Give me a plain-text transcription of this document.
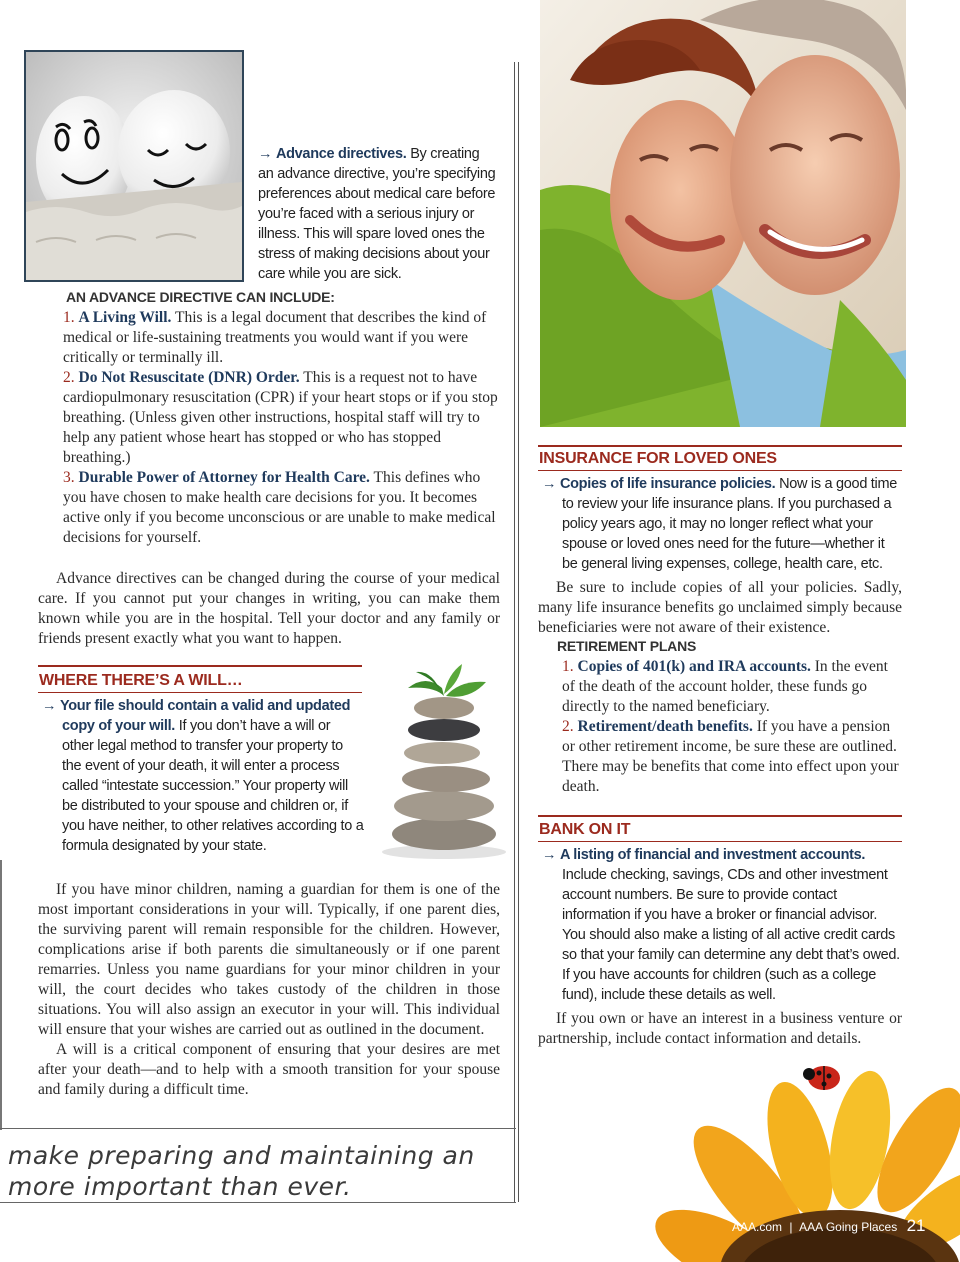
→ Advance directives. By creating an advance directive, you’re specifying preferences about medical care before you’re faced with a serious injury or illness. This will spare loved ones the stress of making decisions about your care while you are sick.
AN ADVANCE DIRECTIVE CAN INCLUDE:

1. A Living Will. This is a legal document that describes the kind of medical or life-sustaining treatments you would want if you were critically or terminally ill.

2. Do Not Resuscitate (DNR) Order. This is a request not to have cardiopulmonary resuscitation (CPR) if your heart stops or if you stop breathing. (Unless given other instructions, hospital staff will try to help any patient whose heart has stopped or who has stopped breathing.)

3. Durable Power of Attorney for Health Care. This defines who you have chosen to make health care decisions for you. It becomes active only if you become unconscious or are unable to make medical decisions for yourself.

Advance directives can be changed during the course of your medical care. If you cannot put your changes in writing, you can make them known while you are in the hospital. Tell your doctor and any family or friends present exactly what you want to happen.

WHERE THERE’S A WILL…
→ Your file should contain a valid and updated copy of your will. If you don’t have a will or other legal method to transfer your property to the event of your death, it will enter a process called “intestate succession.” Your property will be distributed to your spouse and children or, if you have neither, to other relatives according to a formula designated by your state.

If you have minor children, naming a guardian for them is one of the most important considerations in your will. Typically, if one parent dies, the surviving parent will remain responsible for the children. However, complications arise if both parents die simultaneously or if one parent remarries. Unless you name guardians for your minor children in your will, the court decides who takes custody of the children in those situations. You will also assign an executor in your will. This individual will ensure that your wishes are carried out as outlined in the document.

A will is a critical component of ensuring that your desires are met after your death—and to help with a smooth transition for your spouse and family during a difficult time.

make preparing and maintaining an
more important than ever.
INSURANCE FOR LOVED ONES
→ Copies of life insurance policies. Now is a good time to review your life insurance plans. If you purchased a policy years ago, it may no longer reflect what your spouse or loved ones need for the future—whether it be general living expenses, college, health care, etc.

Be sure to include copies of all your policies. Sadly, many life insurance benefits go unclaimed simply because beneficiaries were not aware of their existence.

RETIREMENT PLANS

1. Copies of 401(k) and IRA accounts. In the event of the death of the account holder, these funds go directly to the named beneficiary.

2. Retirement/death benefits. If you have a pension or other retirement income, be sure these are outlined. There may be benefits that come into effect upon your death.

BANK ON IT
→ A listing of financial and investment accounts. Include checking, savings, CDs and other investment account numbers. Be sure to provide contact information if you have a broker or financial advisor. You should also make a listing of all active credit cards so that your family can determine any debt that’s owed. If you have accounts for children (such as a college fund), include these details as well.

If you own or have an interest in a business venture or partnership, include contact information and details.

AAA.com | AAA Going Places 21
